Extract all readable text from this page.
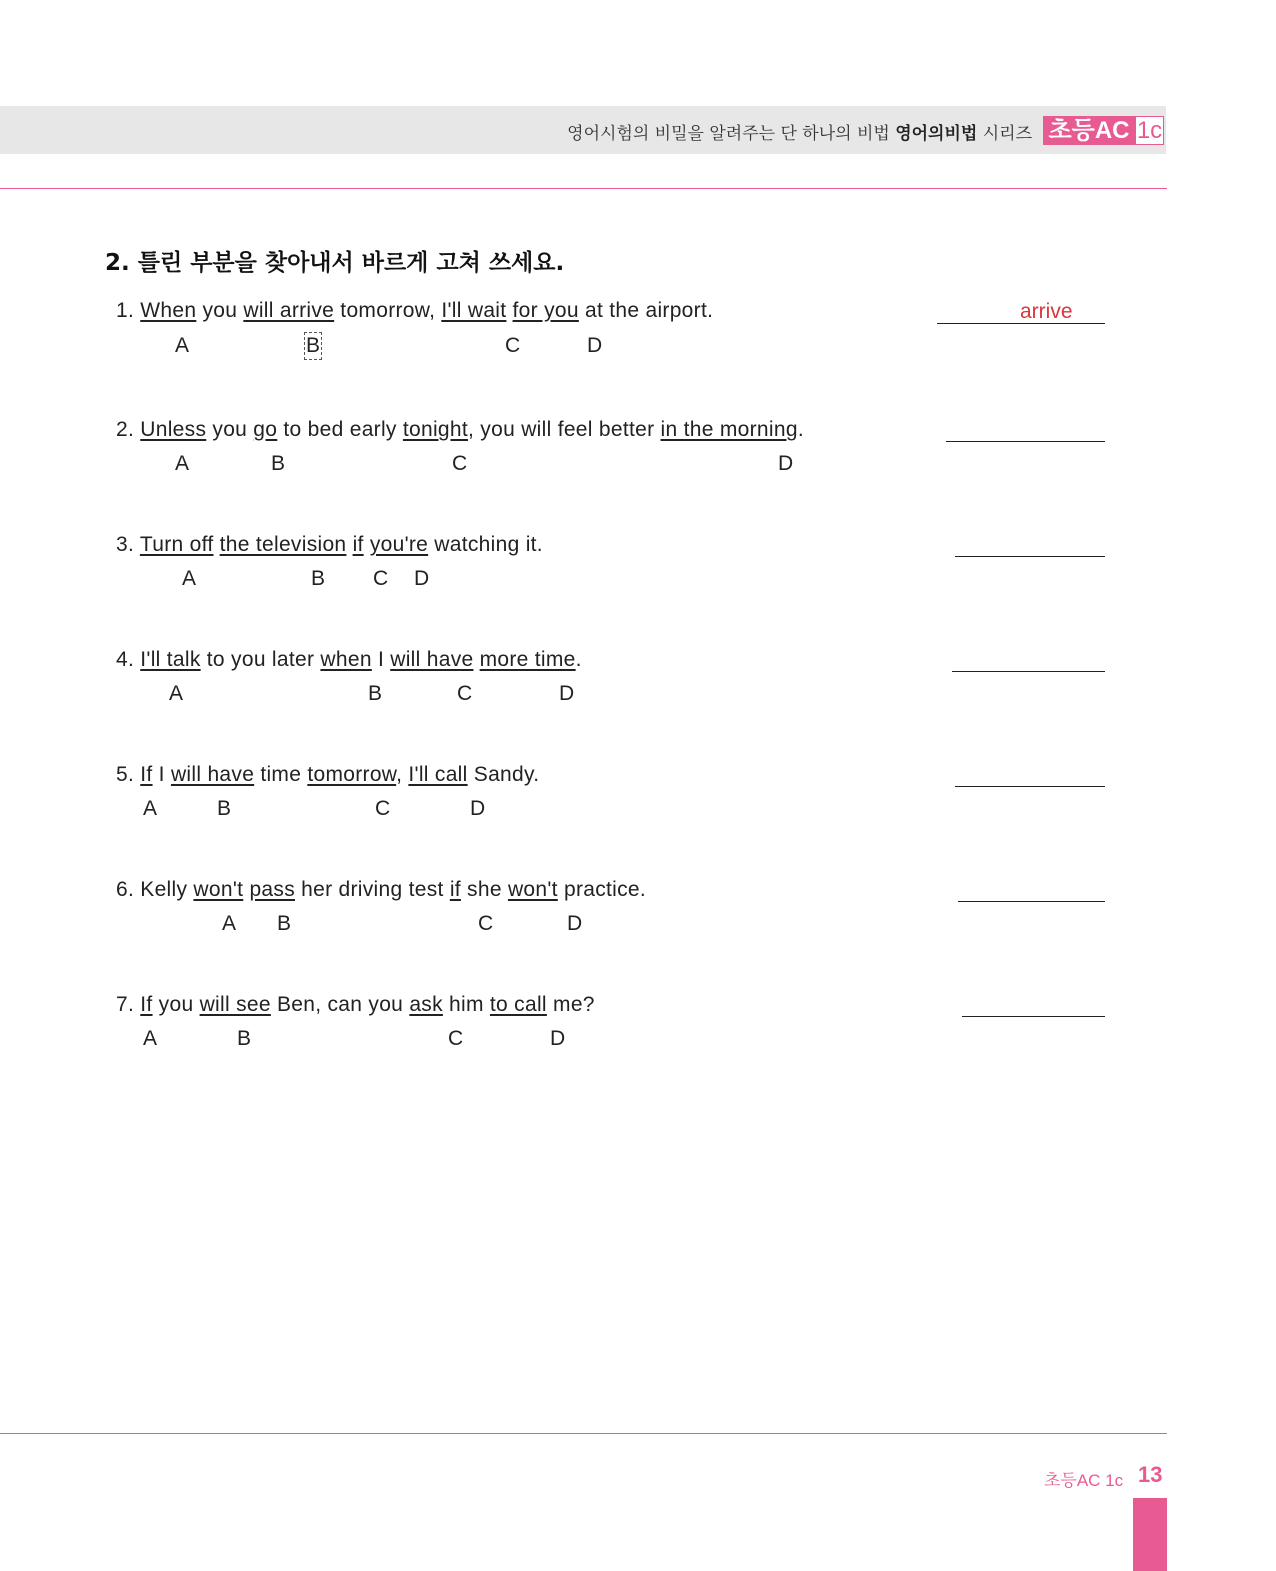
영어시험의 비밀을 알려주는 단 하나의 비법 영어의비법 시리즈 초등AC 1c
2. 틀린 부분을 찾아내서 바르게 고쳐 쓰세요.
1. When you will arrive tomorrow, I'll wait for you at the airport.
A	B	C	D
arrive
2. Unless you go to bed early tonight, you will feel better in the morning.
A	B	C	D
3. Turn off the television if you're watching it.
A	B C D
4. I'll talk to you later when I will have more time.
A	B	C	D
5. If I will have time tomorrow, I'll call Sandy.
A	B	C	D
6. Kelly won't pass her driving test if she won't practice.
A B	C	D
7. If you will see Ben, can you ask him to call me?
A	B	C	D
초등AC 1c 13
